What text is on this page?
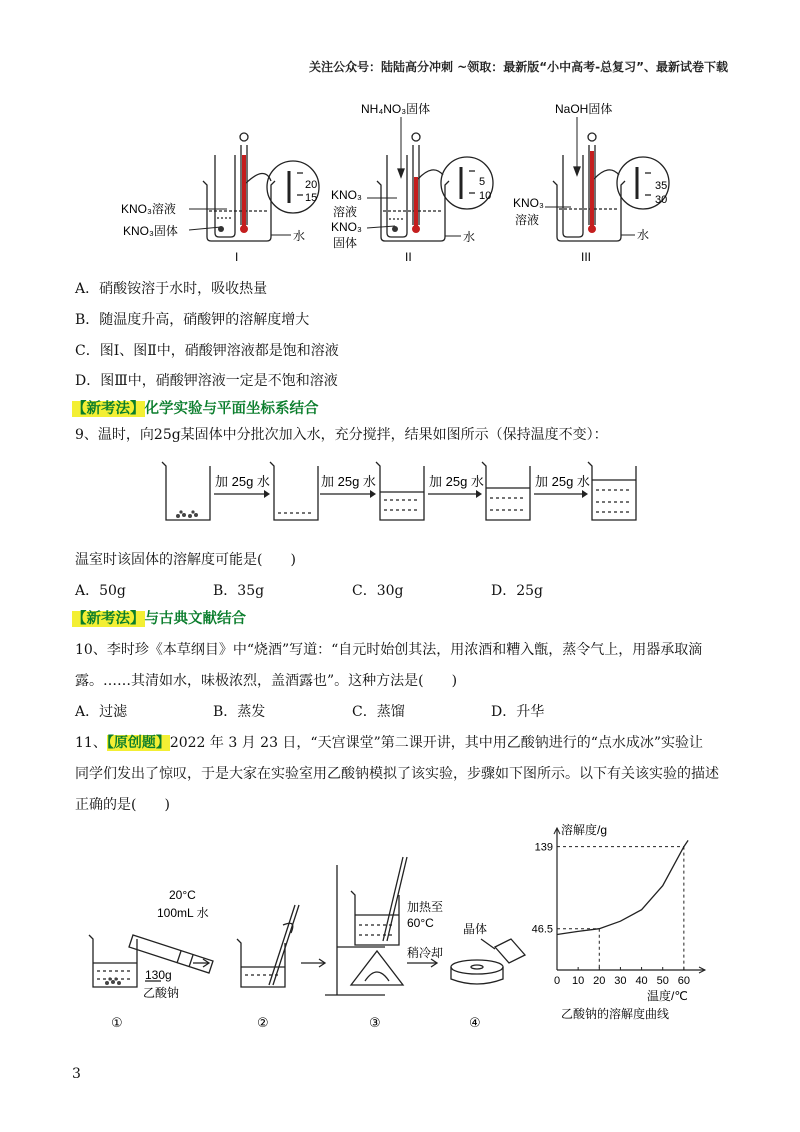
关注公众号：陆陆高分冲刺 ~领取：最新版“小中高考-总复习”、最新试卷下载
KNO₃溶液
KNO₃固体	水
20
15
I
NH₄NO₃固体
KNO₃
溶液
KNO₃
固体	水
5
10
II
NaOH固体
KNO₃
溶液
水
35
30
III
A．硝酸铵溶于水时，吸收热量
B．随温度升高，硝酸钾的溶解度增大
C．图Ⅰ、图Ⅱ中，硝酸钾溶液都是饱和溶液
D．图Ⅲ中，硝酸钾溶液一定是不饱和溶液
【新考法】化学实验与平面坐标系结合
9、温时，向25g某固体中分批次加入水，充分搅拌，结果如图所示（保持温度不变）：
加 25g 水	加 25g 水	加 25g 水	加 25g 水
温室时该固体的溶解度可能是(　　)
A．50g	B．35g	C．30g	D．25g
【新考法】与古典文献结合
10、李时珍《本草纲目》中“烧酒”写道：“自元时始创其法，用浓酒和糟入甑，蒸令气上，用器承取滴
露。……其清如水，味极浓烈，盖酒露也”。这种方法是(　　)
A．过滤	B．蒸发	C．蒸馏	D．升华
11、【原创题】2022 年 3 月 23 日，“天宫课堂”第二课开讲，其中用乙酸钠进行的“点水成冰”实验让
同学们发出了惊叹，于是大家在实验室用乙酸钠模拟了该实验，步骤如下图所示。以下有关该实验的描述
正确的是(　　)
20°C
100mL 水
130g
乙酸钠
加热至
60°C
稍冷却
晶体
①	②	③	④
溶解度/g
温度/℃
0 10 20 30 40 50 60
46.5
139
乙酸钠的溶解度曲线
3
